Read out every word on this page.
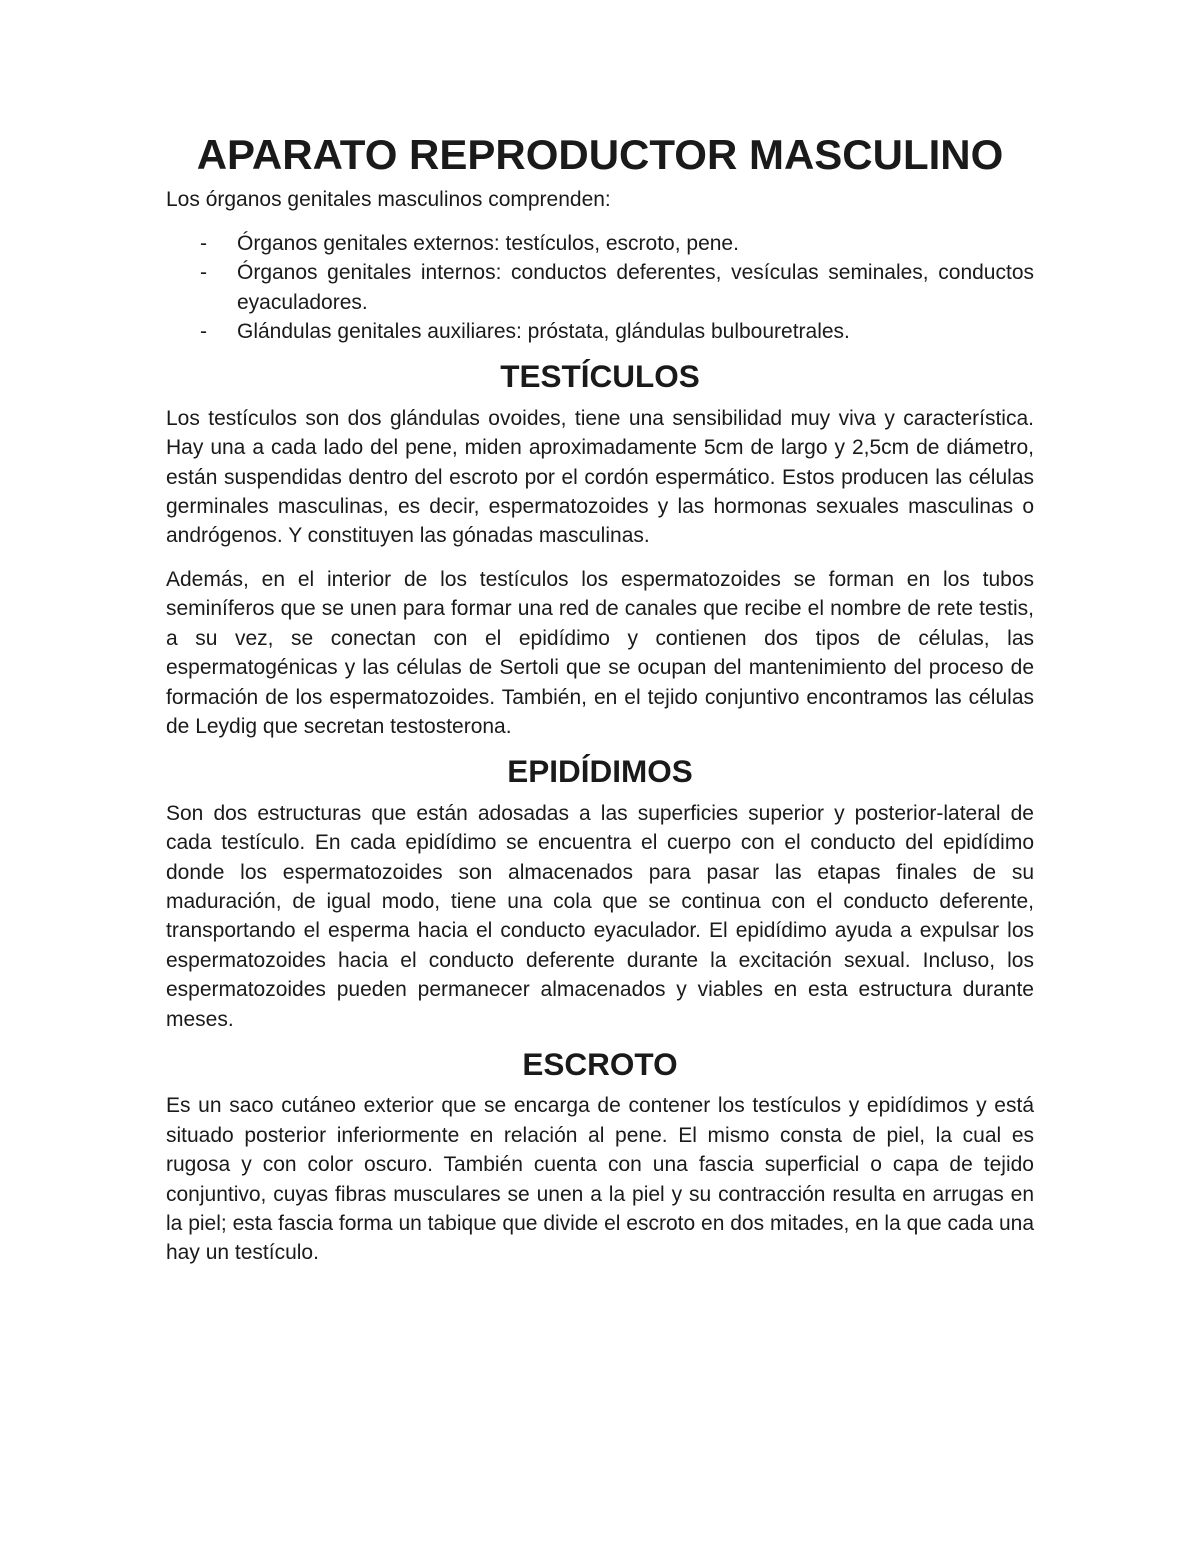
APARATO REPRODUCTOR MASCULINO

Los órganos genitales masculinos comprenden:

- Órganos genitales externos: testículos, escroto, pene.
- Órganos genitales internos: conductos deferentes, vesículas seminales, conductos eyaculadores.
- Glándulas genitales auxiliares: próstata, glándulas bulbouretrales.
TESTÍCULOS

Los testículos son dos glándulas ovoides, tiene una sensibilidad muy viva y característica. Hay una a cada lado del pene, miden aproximadamente 5cm de largo y 2,5cm de diámetro, están suspendidas dentro del escroto por el cordón espermático. Estos producen las células germinales masculinas, es decir, espermatozoides y las hormonas sexuales masculinas o andrógenos. Y constituyen las gónadas masculinas.

Además, en el interior de los testículos los espermatozoides se forman en los tubos seminíferos que se unen para formar una red de canales que recibe el nombre de rete testis, a su vez, se conectan con el epidídimo y contienen dos tipos de células, las espermatogénicas y las células de Sertoli que se ocupan del mantenimiento del proceso de formación de los espermatozoides. También, en el tejido conjuntivo encontramos las células de Leydig que secretan testosterona.

EPIDÍDIMOS

Son dos estructuras que están adosadas a las superficies superior y posterior-lateral de cada testículo. En cada epidídimo se encuentra el cuerpo con el conducto del epidídimo donde los espermatozoides son almacenados para pasar las etapas finales de su maduración, de igual modo, tiene una cola que se continua con el conducto deferente, transportando el esperma hacia el conducto eyaculador. El epidídimo ayuda a expulsar los espermatozoides hacia el conducto deferente durante la excitación sexual. Incluso, los espermatozoides pueden permanecer almacenados y viables en esta estructura durante meses.

ESCROTO

Es un saco cutáneo exterior que se encarga de contener los testículos y epidídimos y está situado posterior inferiormente en relación al pene. El mismo consta de piel, la cual es rugosa y con color oscuro. También cuenta con una fascia superficial o capa de tejido conjuntivo, cuyas fibras musculares se unen a la piel y su contracción resulta en arrugas en la piel; esta fascia forma un tabique que divide el escroto en dos mitades, en la que cada una hay un testículo.
